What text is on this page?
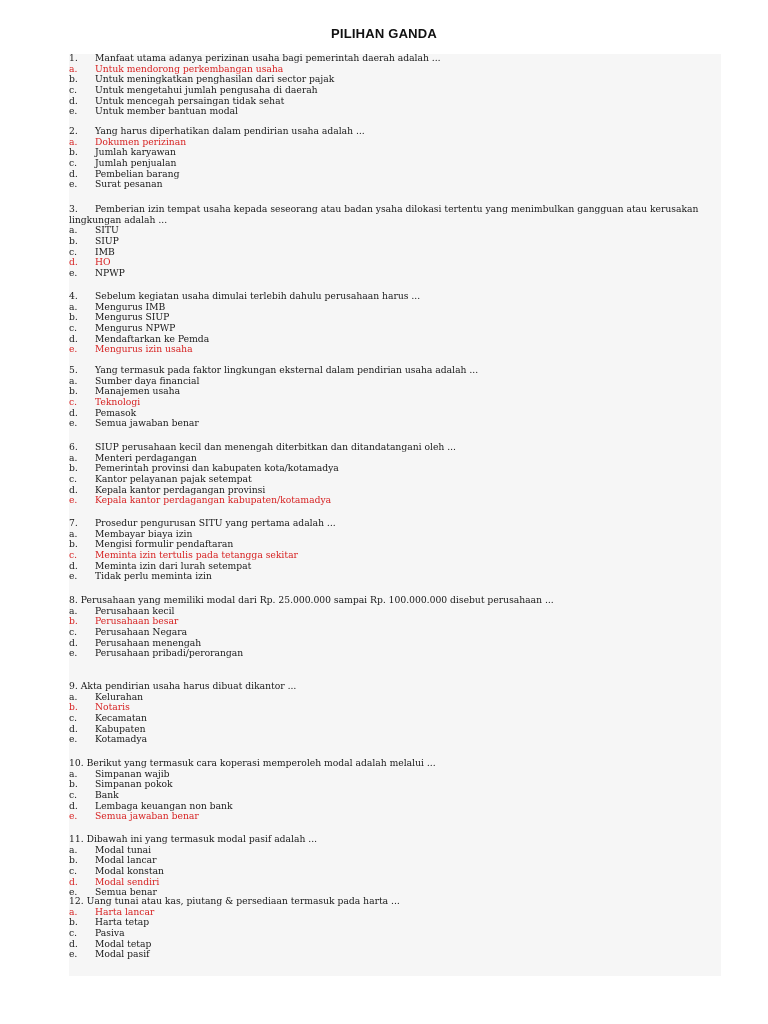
PILIHAN GANDA
1. Manfaat utama adanya perizinan usaha bagi pemerintah daerah adalah ...
a. Untuk mendorong perkembangan usaha
b. Untuk meningkatkan penghasilan dari sector pajak
c. Untuk mengetahui jumlah pengusaha di daerah
d. Untuk mencegah persaingan tidak sehat
e. Untuk member bantuan modal
2. Yang harus diperhatikan dalam pendirian usaha adalah ...
a. Dokumen perizinan
b. Jumlah karyawan
c. Jumlah penjualan
d. Pembelian barang
e. Surat pesanan
3. Pemberian izin tempat usaha kepada seseorang atau badan ysaha dilokasi tertentu yang menimbulkan gangguan atau kerusakan lingkungan adalah ...
a. SITU
b. SIUP
c. IMB
d. HO
e. NPWP
4. Sebelum kegiatan usaha dimulai terlebih dahulu perusahaan harus ...
a. Mengurus IMB
b. Mengurus SIUP
c. Mengurus NPWP
d. Mendaftarkan ke Pemda
e. Mengurus izin usaha
5. Yang termasuk pada faktor lingkungan eksternal dalam pendirian usaha adalah ...
a. Sumber daya financial
b. Manajemen usaha
c. Teknologi
d. Pemasok
e. Semua jawaban benar
6. SIUP perusahaan kecil dan menengah diterbitkan dan ditandatangani oleh ...
a. Menteri perdagangan
b. Pemerintah provinsi dan kabupaten kota/kotamadya
c. Kantor pelayanan pajak setempat
d. Kepala kantor perdagangan provinsi
e. Kepala kantor perdagangan kabupaten/kotamadya
7. Prosedur pengurusan SITU yang pertama adalah ...
a. Membayar biaya izin
b. Mengisi formulir pendaftaran
c. Meminta izin tertulis pada tetangga sekitar
d. Meminta izin dari lurah setempat
e. Tidak perlu meminta izin
8. Perusahaan yang memiliki modal dari Rp. 25.000.000 sampai Rp. 100.000.000 disebut perusahaan ...
a. Perusahaan kecil
b. Perusahaan besar
c. Perusahaan Negara
d. Perusahaan menengah
e. Perusahaan pribadi/perorangan
9. Akta pendirian usaha harus dibuat dikantor ...
a. Kelurahan
b. Notaris
c. Kecamatan
d. Kabupaten
e. Kotamadya
10. Berikut yang termasuk cara koperasi memperoleh modal adalah melalui ...
a. Simpanan wajib
b. Simpanan pokok
c. Bank
d. Lembaga keuangan non bank
e. Semua jawaban benar
11. Dibawah ini yang termasuk modal pasif adalah ...
a. Modal tunai
b. Modal lancar
c. Modal konstan
d. Modal sendiri
e. Semua benar
12. Uang tunai atau kas, piutang & persediaan termasuk pada harta ...
a. Harta lancar
b. Harta tetap
c. Pasiva
d. Modal tetap
e. Modal pasif
